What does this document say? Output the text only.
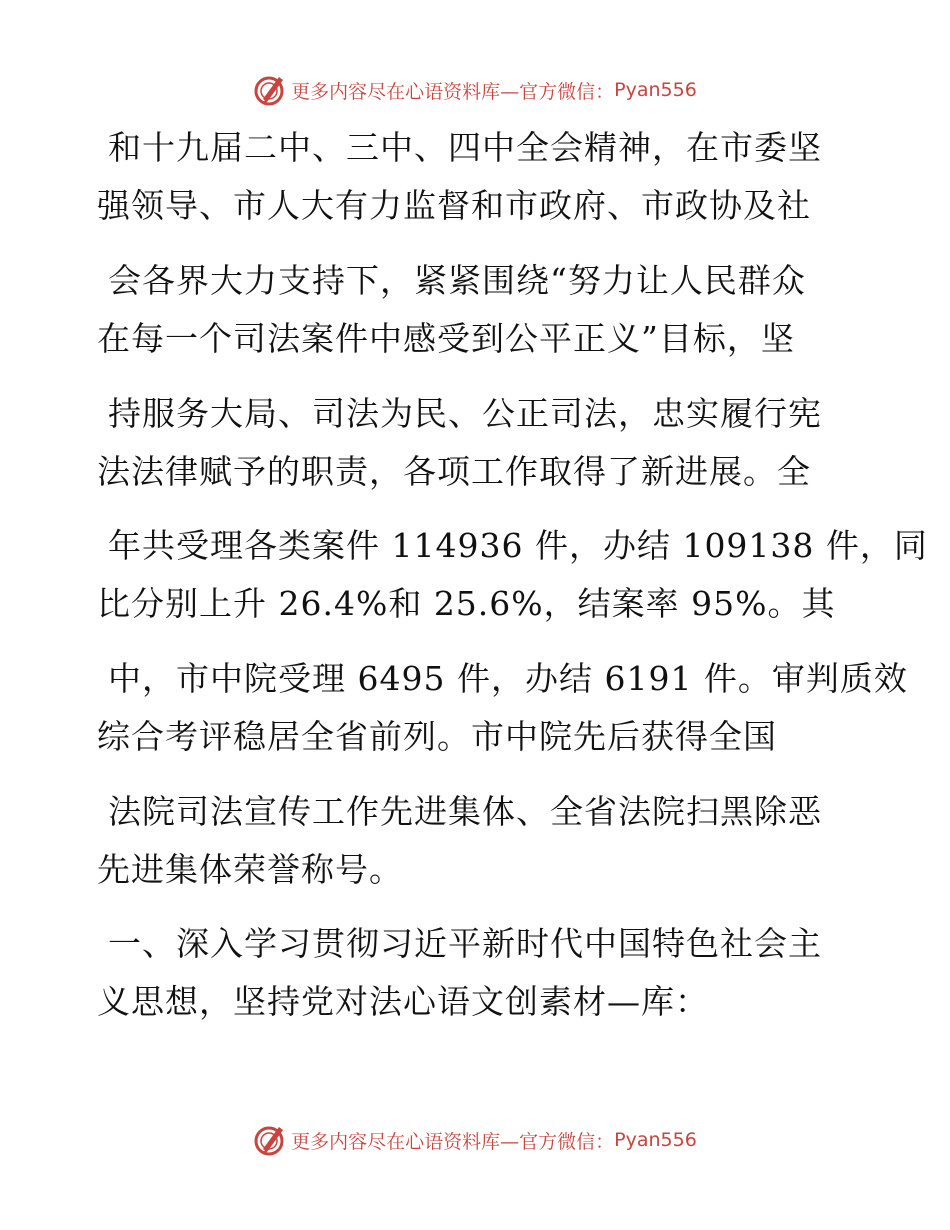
更多内容尽在心语资料库—官方微信： Pyan556
和十九届二中、三中、四中全会精神，在市委坚
强领导、市人大有力监督和市政府、市政协及社
会各界大力支持下，紧紧围绕“努力让人民群众
在每一个司法案件中感受到公平正义”目标，坚
持服务大局、司法为民、公正司法，忠实履行宪
法法律赋予的职责，各项工作取得了新进展。全
年共受理各类案件 114936 件，办结 109138 件，同
比分别上升 26.4%和 25.6%，结案率 95%。其
中，市中院受理 6495 件，办结 6191 件。审判质效
综合考评稳居全省前列。市中院先后获得全国
法院司法宣传工作先进集体、全省法院扫黑除恶
先进集体荣誉称号。
一、深入学习贯彻习近平新时代中国特色社会主
义思想，坚持党对法心语文创素材—库：
更多内容尽在心语资料库—官方微信： Pyan556
